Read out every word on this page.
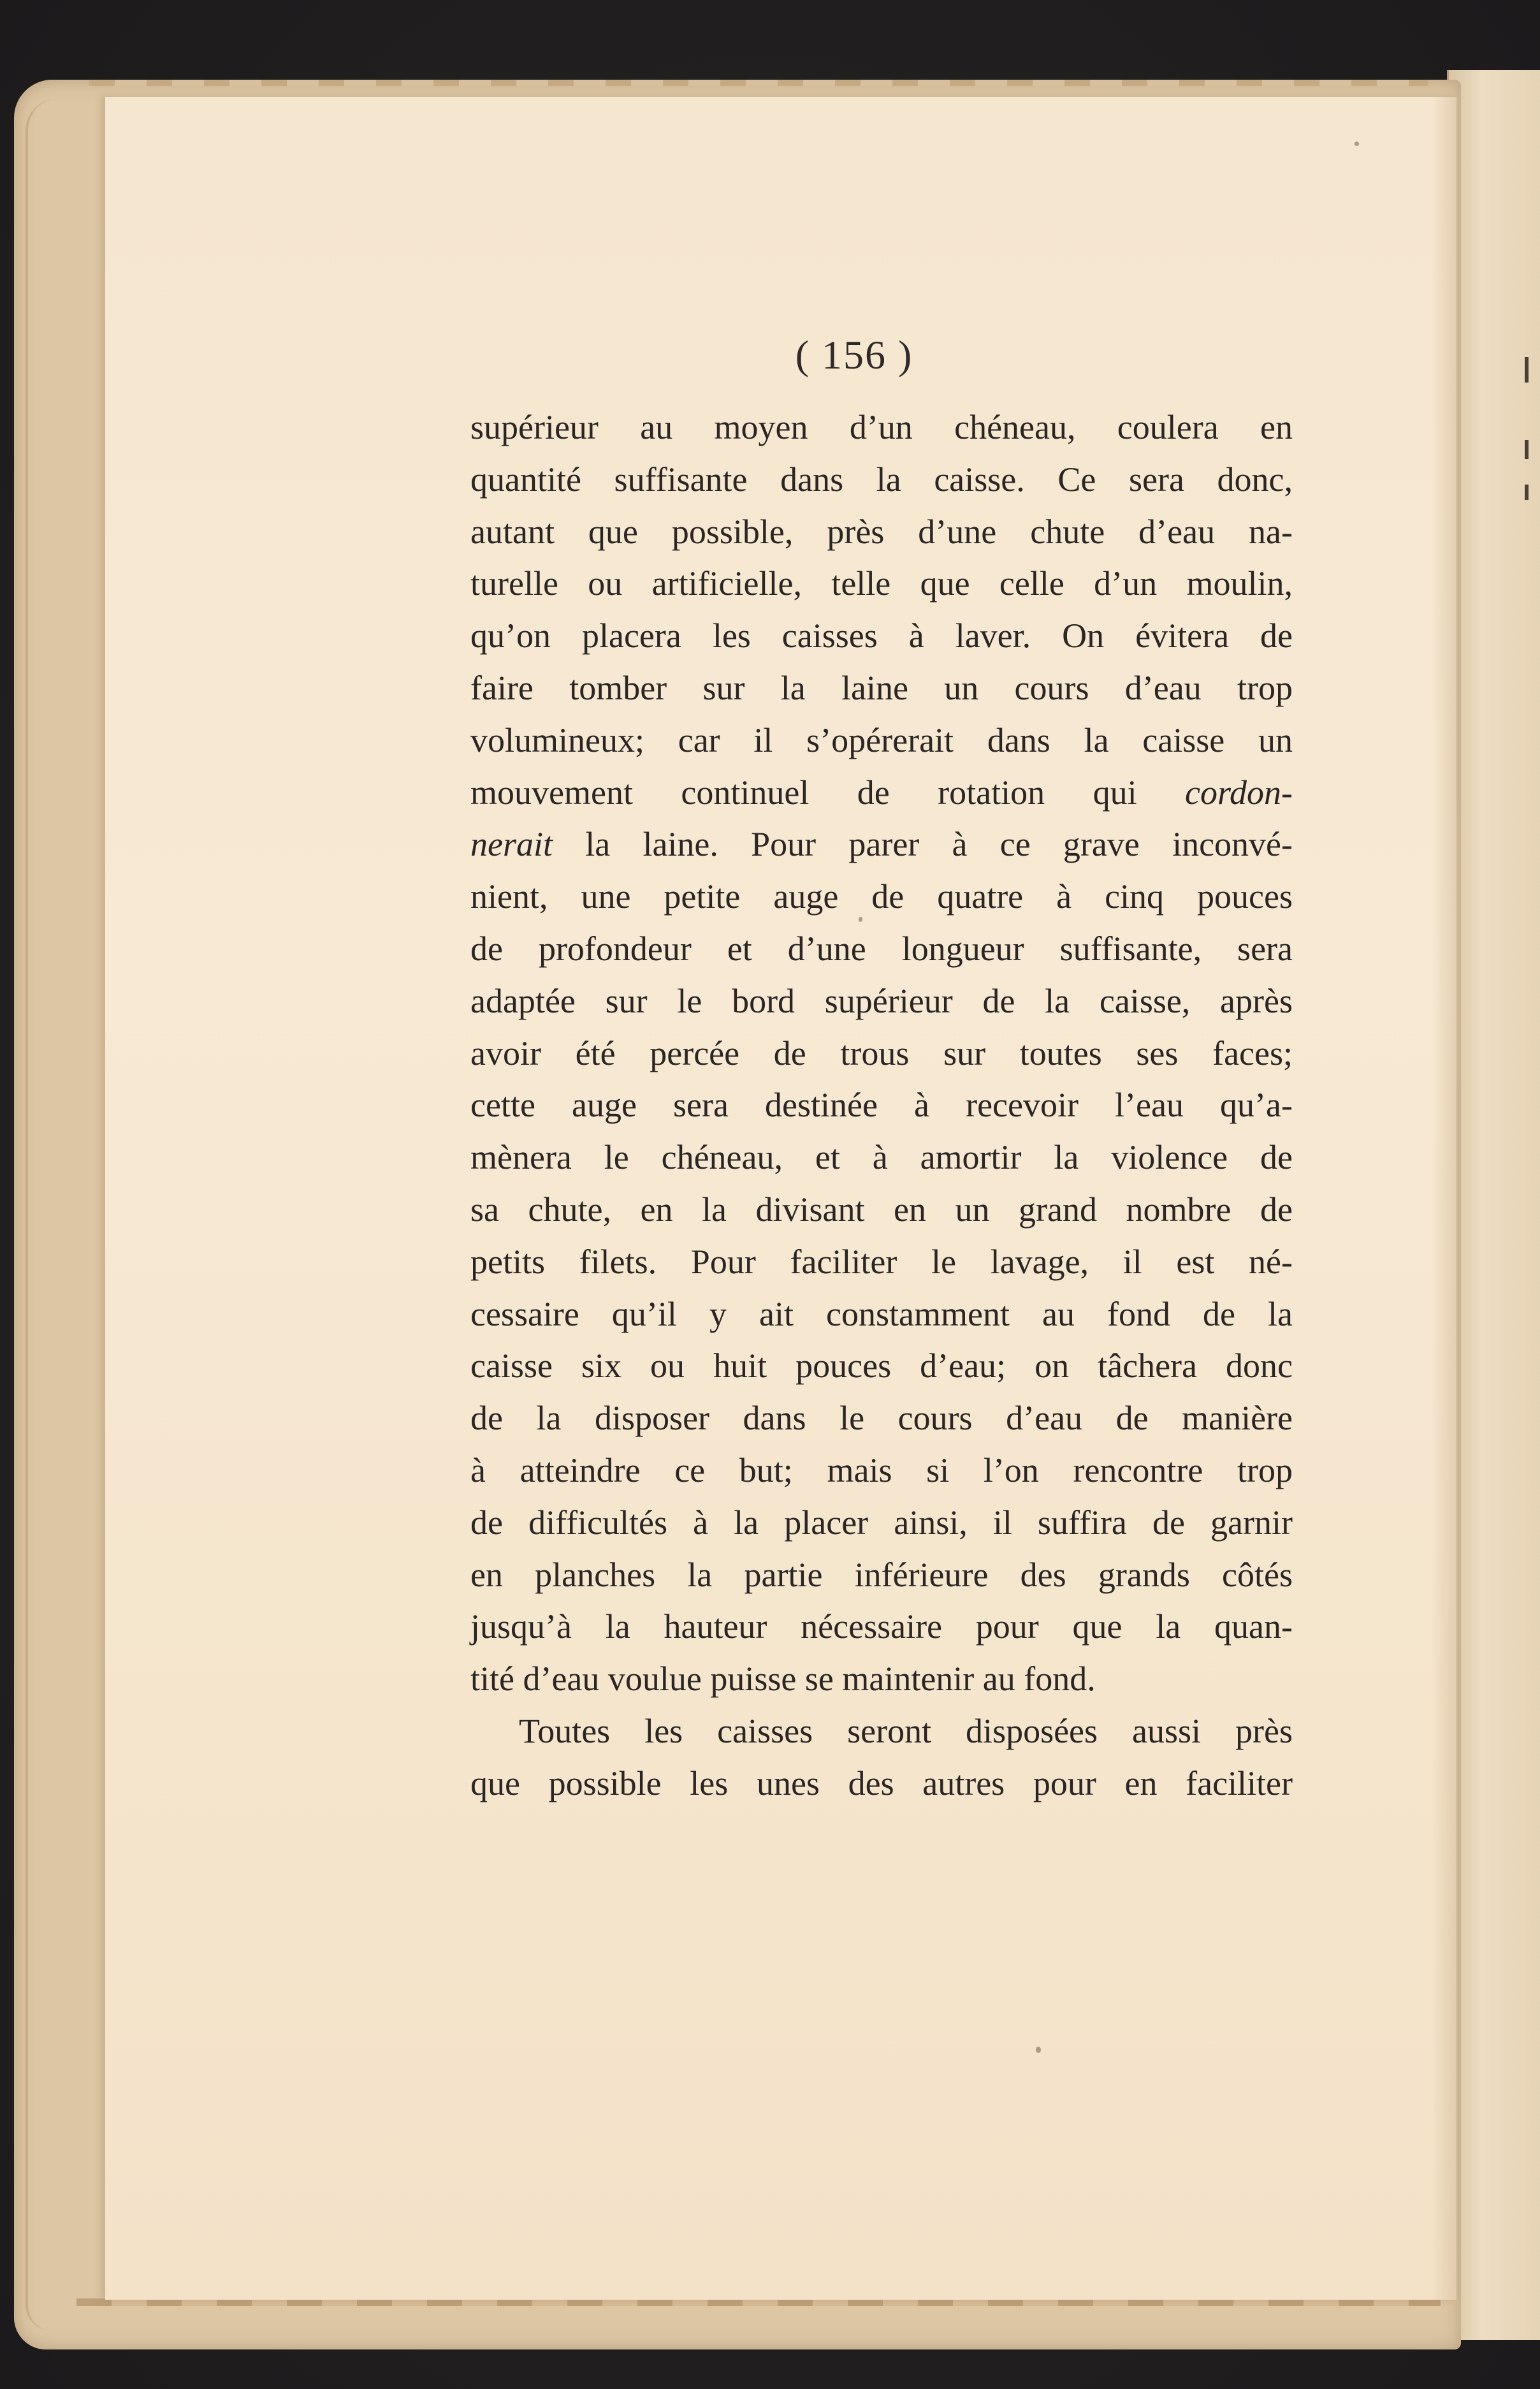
( 156 )
supérieur au moyen d’un chéneau, coulera en
quantité suffisante dans la caisse. Ce sera donc,
autant que possible, près d’une chute d’eau na-
turelle ou artificielle, telle que celle d’un moulin,
qu’on placera les caisses à laver. On évitera de
faire tomber sur la laine un cours d’eau trop
volumineux; car il s’opérerait dans la caisse un
mouvement continuel de rotation qui cordon-
nerait la laine. Pour parer à ce grave inconvé-
nient, une petite auge de quatre à cinq pouces
de profondeur et d’une longueur suffisante, sera
adaptée sur le bord supérieur de la caisse, après
avoir été percée de trous sur toutes ses faces;
cette auge sera destinée à recevoir l’eau qu’a-
mènera le chéneau, et à amortir la violence de
sa chute, en la divisant en un grand nombre de
petits filets. Pour faciliter le lavage, il est né-
cessaire qu’il y ait constamment au fond de la
caisse six ou huit pouces d’eau; on tâchera donc
de la disposer dans le cours d’eau de manière
à atteindre ce but; mais si l’on rencontre trop
de difficultés à la placer ainsi, il suffira de garnir
en planches la partie inférieure des grands côtés
jusqu’à la hauteur nécessaire pour que la quan-
tité d’eau voulue puisse se maintenir au fond.
Toutes les caisses seront disposées aussi près
que possible les unes des autres pour en faciliter
